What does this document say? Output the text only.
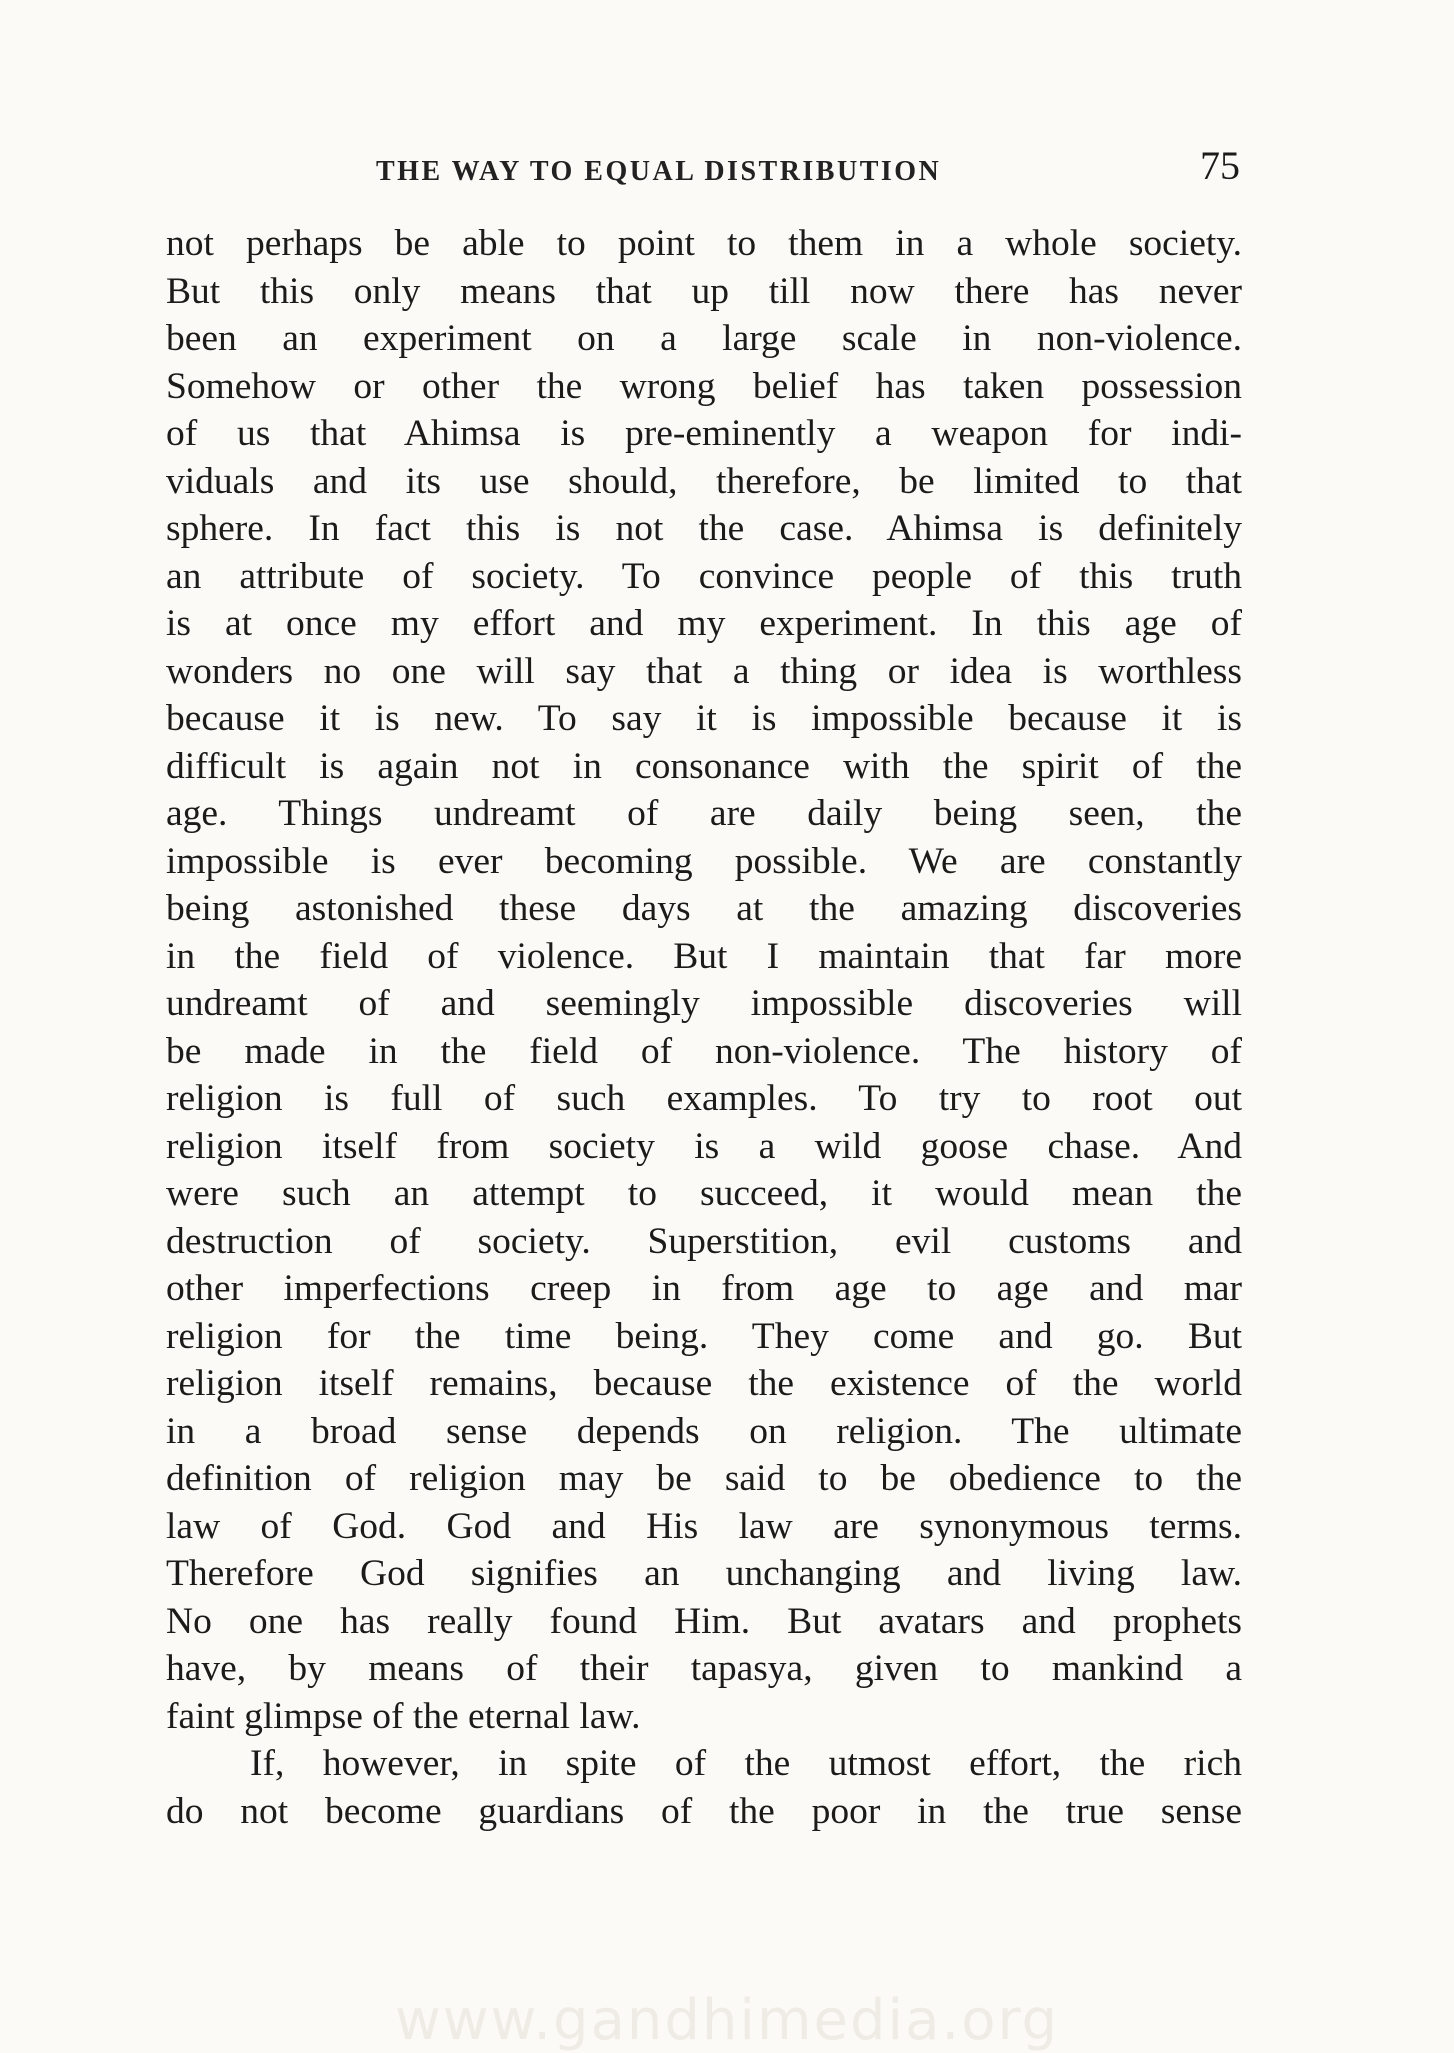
THE WAY TO EQUAL DISTRIBUTION	75
not perhaps be able to point to them in a whole society.
But this only means that up till now there has never
been an experiment on a large scale in non-violence.
Somehow or other the wrong belief has taken possession
of us that Ahimsa is pre-eminently a weapon for indi-
viduals and its use should, therefore, be limited to that
sphere. In fact this is not the case. Ahimsa is definitely
an attribute of society. To convince people of this truth
is at once my effort and my experiment. In this age of
wonders no one will say that a thing or idea is worthless
because it is new. To say it is impossible because it is
difficult is again not in consonance with the spirit of the
age. Things undreamt of are daily being seen, the
impossible is ever becoming possible. We are constantly
being astonished these days at the amazing discoveries
in the field of violence. But I maintain that far more
undreamt of and seemingly impossible discoveries will
be made in the field of non-violence. The history of
religion is full of such examples. To try to root out
religion itself from society is a wild goose chase. And
were such an attempt to succeed, it would mean the
destruction of society. Superstition, evil customs and
other imperfections creep in from age to age and mar
religion for the time being. They come and go. But
religion itself remains, because the existence of the world
in a broad sense depends on religion. The ultimate
definition of religion may be said to be obedience to the
law of God. God and His law are synonymous terms.
Therefore God signifies an unchanging and living law.
No one has really found Him. But avatars and prophets
have, by means of their tapasya, given to mankind a
faint glimpse of the eternal law.
If, however, in spite of the utmost effort, the rich
do not become guardians of the poor in the true sense
www.gandhimedia.org
